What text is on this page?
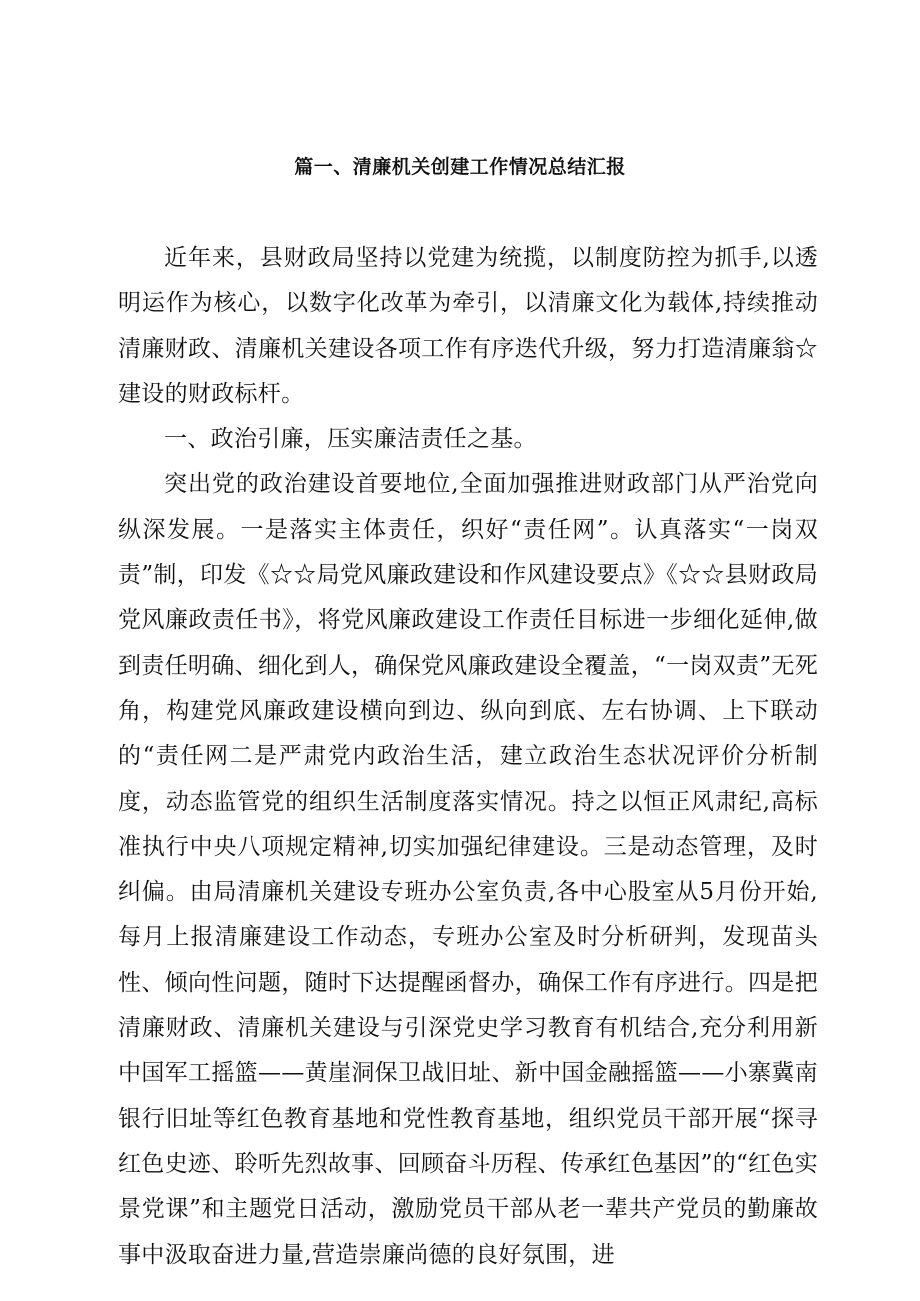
篇一、清廉机关创建工作情况总结汇报

近年来，县财政局坚持以党建为统揽，以制度防控为抓手,以透明运作为核心，以数字化改革为牵引，以清廉文化为载体,持续推动清廉财政、清廉机关建设各项工作有序迭代升级，努力打造清廉翁☆建设的财政标杆。

一、政治引廉，压实廉洁责任之基。

突出党的政治建设首要地位,全面加强推进财政部门从严治党向纵深发展。一是落实主体责任，织好“责任网”。认真落实“一岗双责”制，印发《☆☆局党风廉政建设和作风建设要点》《☆☆县财政局党风廉政责任书》，将党风廉政建设工作责任目标进一步细化延伸,做到责任明确、细化到人，确保党风廉政建设全覆盖，“一岗双责”无死角，构建党风廉政建设横向到边、纵向到底、左右协调、上下联动的“责任网二是严肃党内政治生活，建立政治生态状况评价分析制度，动态监管党的组织生活制度落实情况。持之以恒正风肃纪,高标准执行中央八项规定精神,切实加强纪律建设。三是动态管理，及时纠偏。由局清廉机关建设专班办公室负责,各中心股室从5月份开始,每月上报清廉建设工作动态，专班办公室及时分析研判，发现苗头性、倾向性问题，随时下达提醒函督办，确保工作有序进行。四是把清廉财政、清廉机关建设与引深党史学习教育有机结合,充分利用新中国军工摇篮——黄崖洞保卫战旧址、新中国金融摇篮——小寨冀南银行旧址等红色教育基地和党性教育基地，组织党员干部开展“探寻红色史迹、聆听先烈故事、回顾奋斗历程、传承红色基因”的“红色实景党课”和主题党日活动，激励党员干部从老一辈共产党员的勤廉故事中汲取奋进力量,营造崇廉尚德的良好氛围，进
